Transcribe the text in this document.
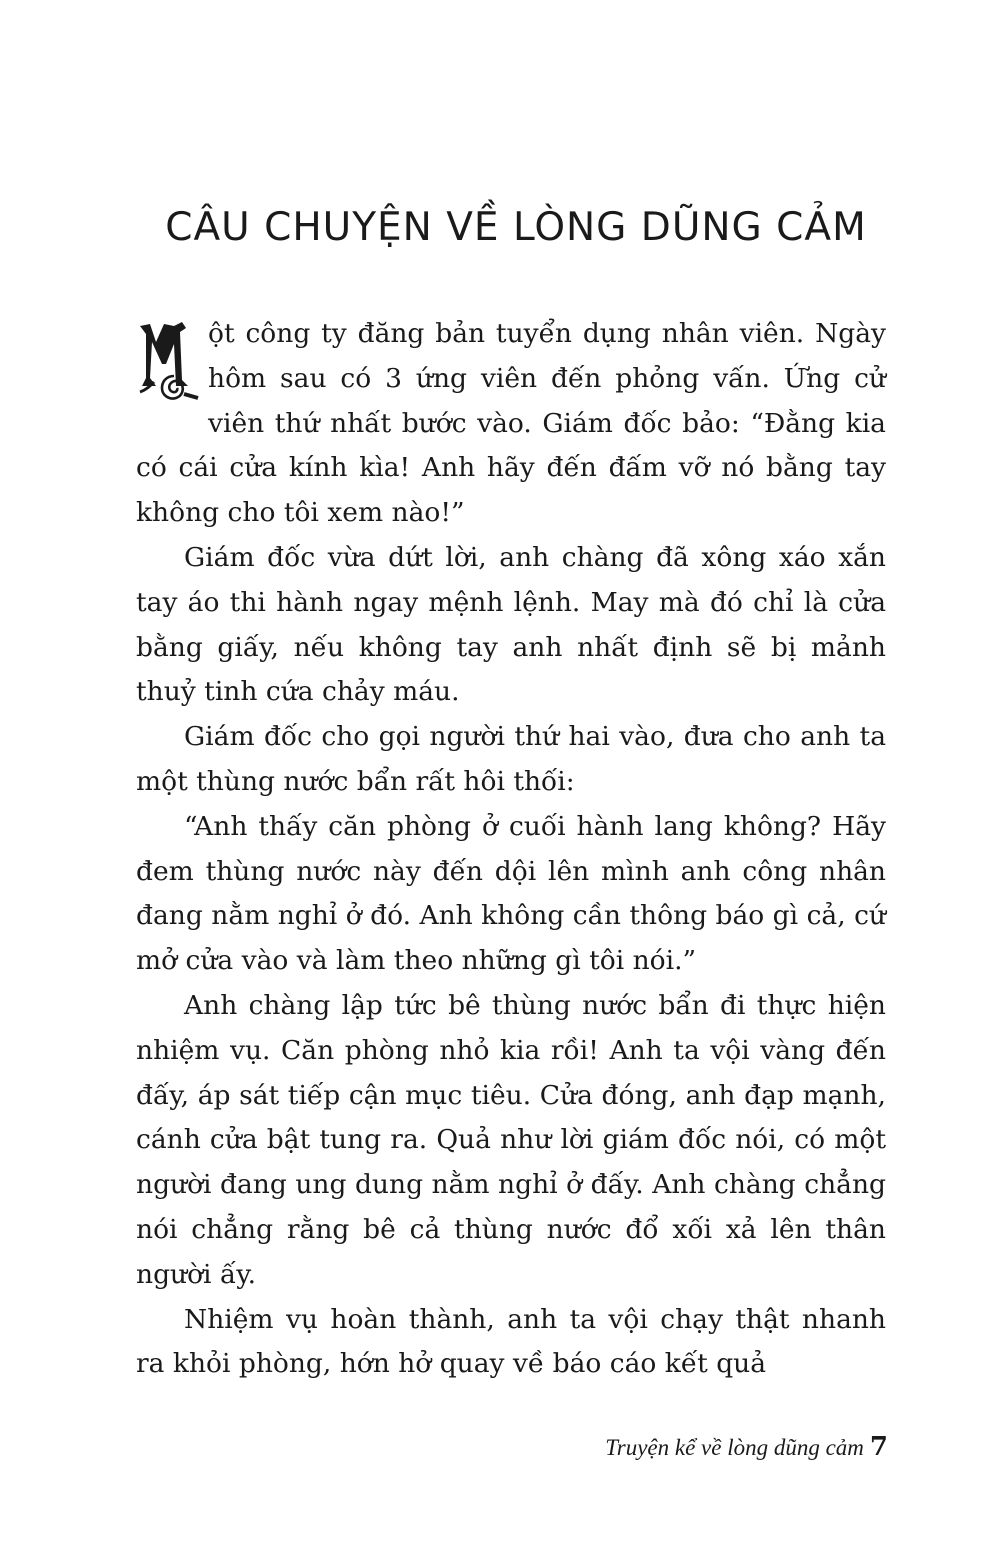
CÂU CHUYỆN VỀ LÒNG DŨNG CẢM

ột công ty đăng bản tuyển dụng nhân viên. Ngày hôm sau có 3 ứng viên đến phỏng vấn. Ứng cử viên thứ nhất bước vào. Giám đốc bảo: “Đằng kia có cái cửa kính kìa! Anh hãy đến đấm vỡ nó bằng tay không cho tôi xem nào!”

Giám đốc vừa dứt lời, anh chàng đã xông xáo xắn tay áo thi hành ngay mệnh lệnh. May mà đó chỉ là cửa bằng giấy, nếu không tay anh nhất định sẽ bị mảnh thuỷ tinh cứa chảy máu.

Giám đốc cho gọi người thứ hai vào, đưa cho anh ta một thùng nước bẩn rất hôi thối:

“Anh thấy căn phòng ở cuối hành lang không? Hãy đem thùng nước này đến dội lên mình anh công nhân đang nằm nghỉ ở đó. Anh không cần thông báo gì cả, cứ mở cửa vào và làm theo những gì tôi nói.”

Anh chàng lập tức bê thùng nước bẩn đi thực hiện nhiệm vụ. Căn phòng nhỏ kia rồi! Anh ta vội vàng đến đấy, áp sát tiếp cận mục tiêu. Cửa đóng, anh đạp mạnh, cánh cửa bật tung ra. Quả như lời giám đốc nói, có một người đang ung dung nằm nghỉ ở đấy. Anh chàng chẳng nói chẳng rằng bê cả thùng nước đổ xối xả lên thân người ấy.

Nhiệm vụ hoàn thành, anh ta vội chạy thật nhanh ra khỏi phòng, hớn hở quay về báo cáo kết quả

Truyện kể về lòng dũng cảm 7
